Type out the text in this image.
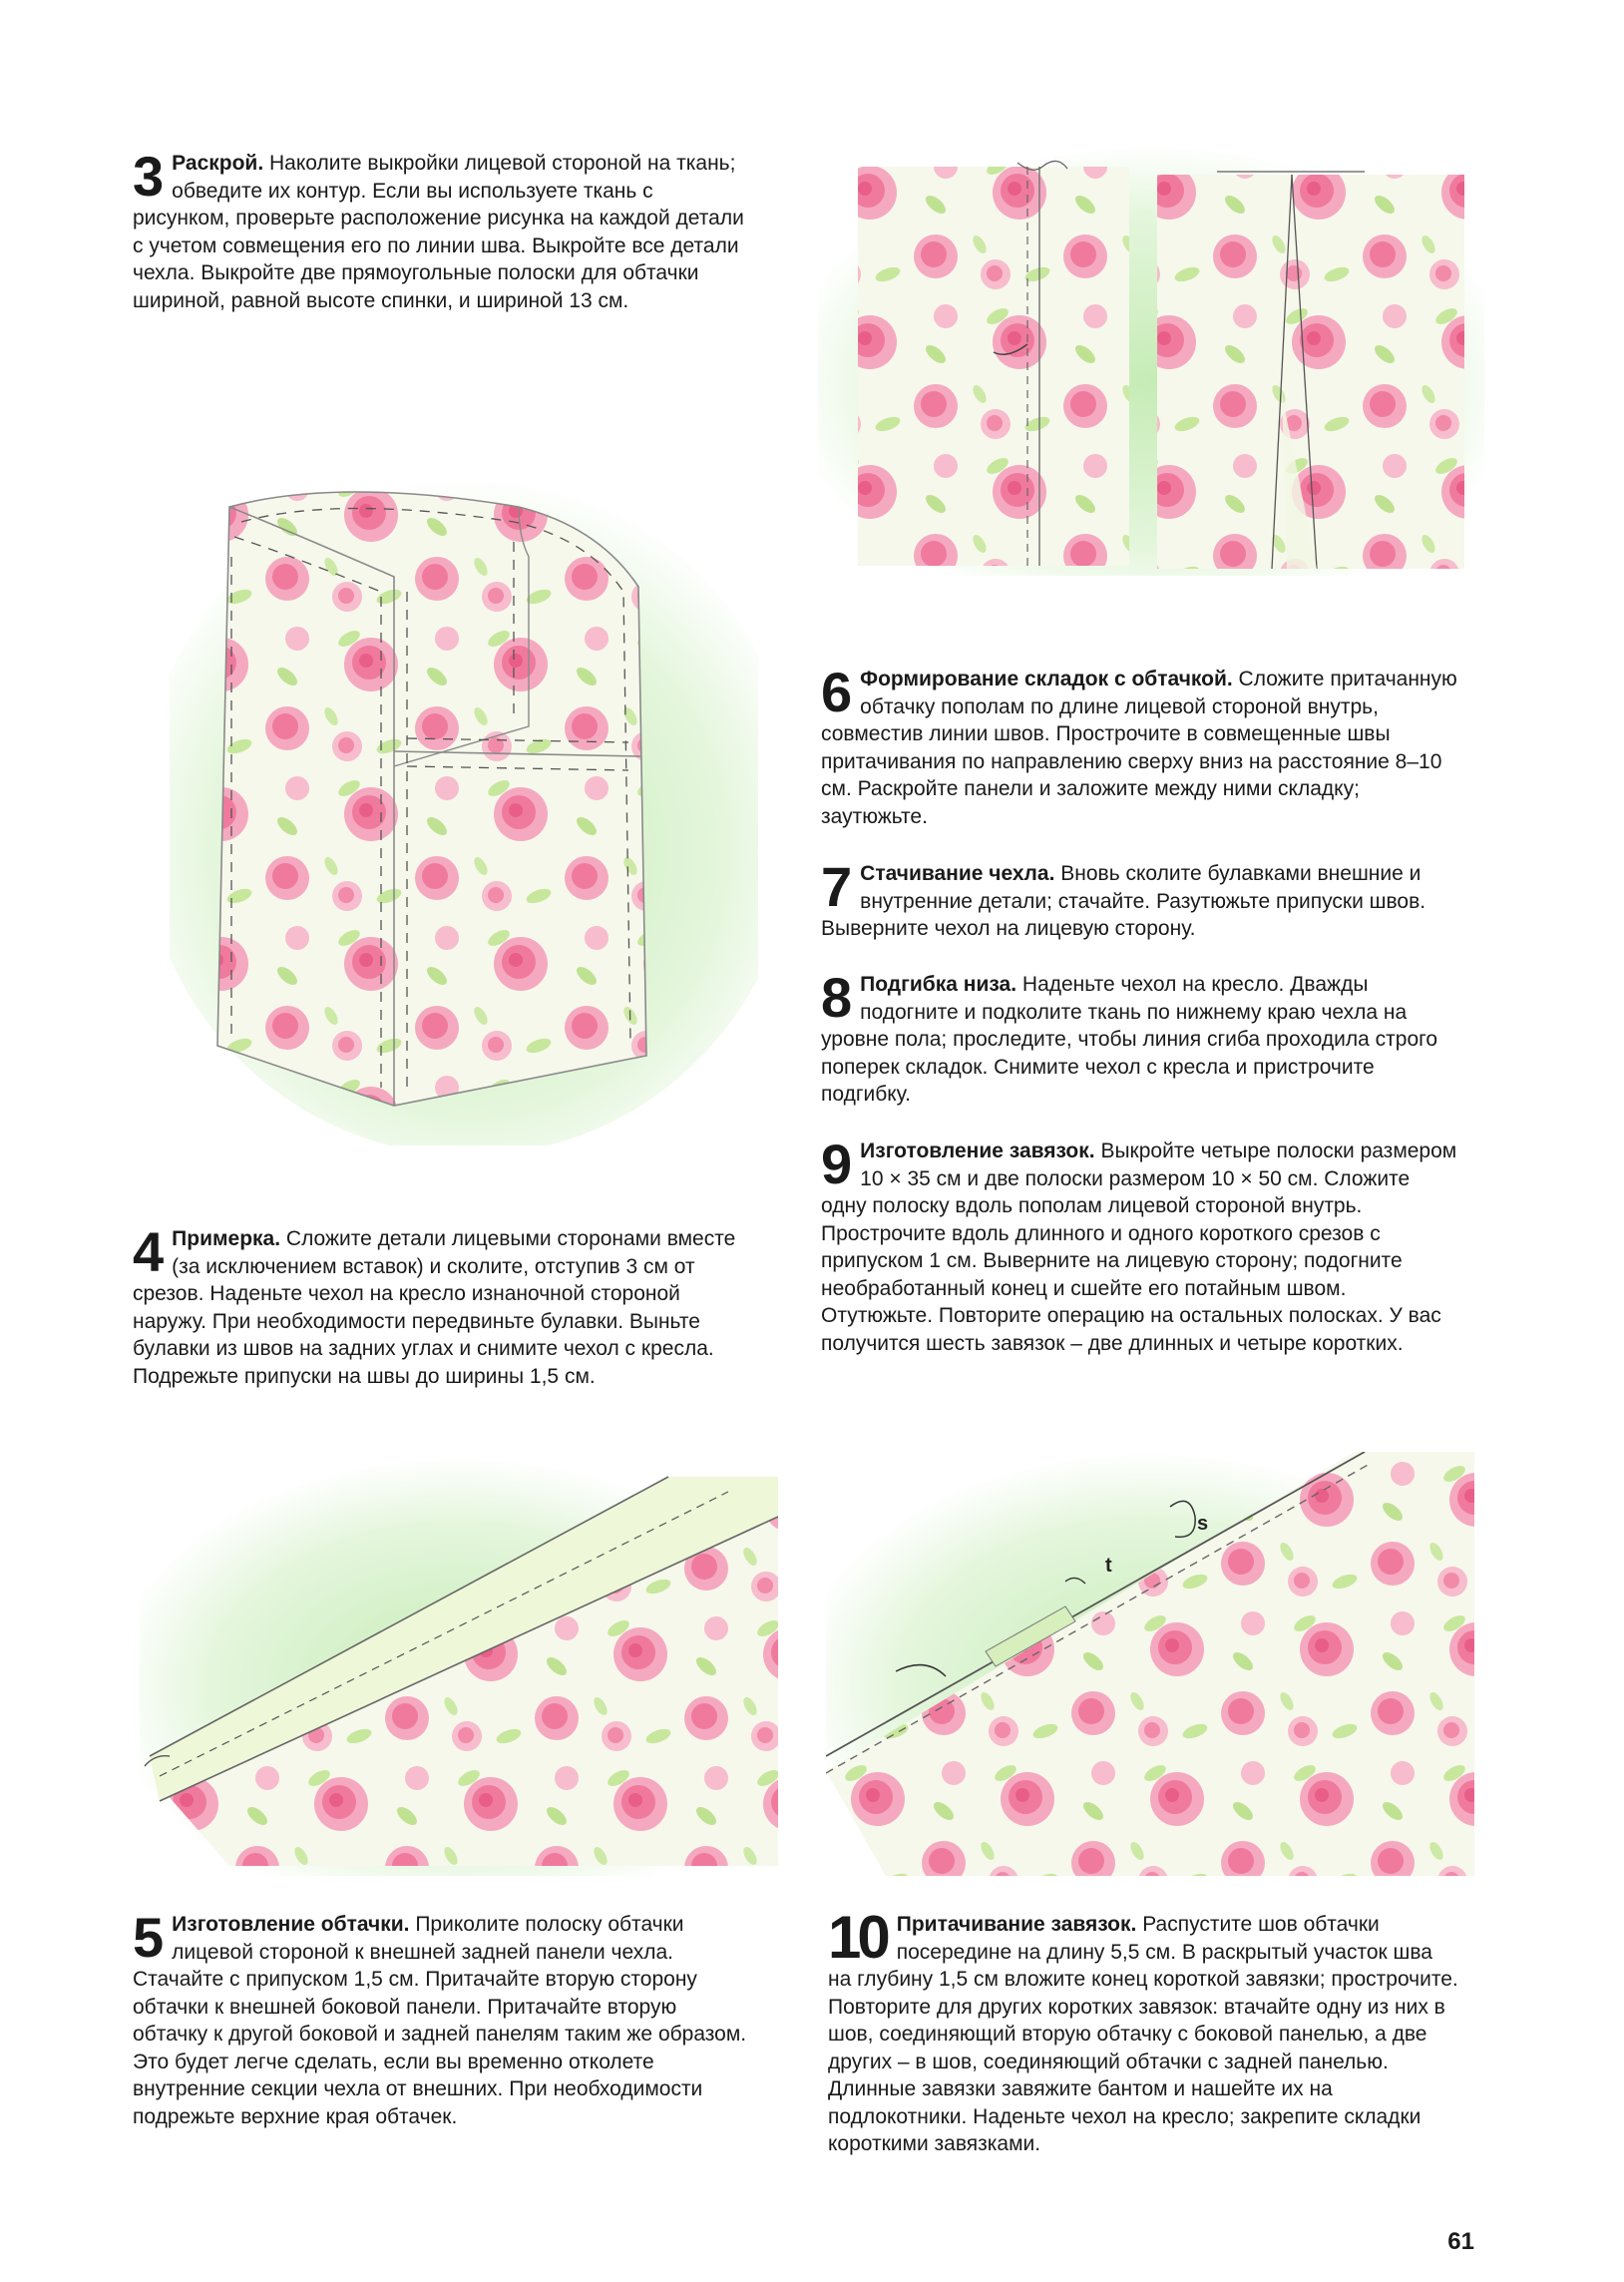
3 Раскрой. Наколите выкройки лицевой стороной на ткань; обведите их контур. Если вы используете ткань с рисунком, проверьте расположение рисунка на каждой детали с учетом совмещения его по линии шва. Выкройте все детали чехла. Выкройте две прямоугольные полоски для обтачки шириной, равной высоте спинки, и шириной 13 см.
6 Формирование складок с обтачкой. Сложите притачанную обтачку пополам по длине лицевой стороной внутрь, совместив линии швов. Прострочите в совмещенные швы притачивания по направлению сверху вниз на расстояние 8–10 см. Раскройте панели и заложите между ними складку; заутюжьте.
7 Стачивание чехла. Вновь сколите булавками внешние и внутренние детали; стачайте. Разутюжьте припуски швов. Выверните чехол на лицевую сторону.
8 Подгибка низа. Наденьте чехол на кресло. Дважды подогните и подколите ткань по нижнему краю чехла на уровне пола; проследите, чтобы линия сгиба проходила строго поперек складок. Снимите чехол с кресла и пристрочите подгибку.
4 Примерка. Сложите детали лицевыми сторонами вместе (за исключением вставок) и сколите, отступив 3 см от срезов. Наденьте чехол на кресло изнаночной стороной наружу. При необходимости передвиньте булавки. Выньте булавки из швов на задних углах и снимите чехол с кресла. Подрежьте припуски на швы до ширины 1,5 см.
9 Изготовление завязок. Выкройте четыре полоски размером 10 × 35 см и две полоски размером 10 × 50 см. Сложите одну полоску вдоль пополам лицевой стороной внутрь. Прострочите вдоль длинного и одного короткого срезов с припуском 1 см. Выверните на лицевую сторону; подогните необработанный конец и сшейте его потайным швом. Отутюжьте. Повторите операцию на остальных полосках. У вас получится шесть завязок – две длинных и четыре коротких.
t
s

5 Изготовление обтачки. Приколите полоску обтачки лицевой стороной к внешней задней панели чехла. Стачайте с припуском 1,5 см. Притачайте вторую сторону обтачки к внешней боковой панели. Притачайте вторую обтачку к другой боковой и задней панелям таким же образом.

Это будет легче сделать, если вы временно отколете внутренние секции чехла от внешних. При необходимости подрежьте верхние края обтачек.

10 Притачивание завязок. Распустите шов обтачки посередине на длину 5,5 см. В раскрытый участок шва на глубину 1,5 см вложите конец короткой завязки; прострочите. Повторите для других коротких завязок: втачайте одну из них в шов, соединяющий вторую обтачку с боковой панелью, а две других – в шов, соединяющий обтачки с задней панелью. Длинные завязки завяжите бантом и нашейте их на подлокотники. Наденьте чехол на кресло; закрепите складки короткими завязками.
61
